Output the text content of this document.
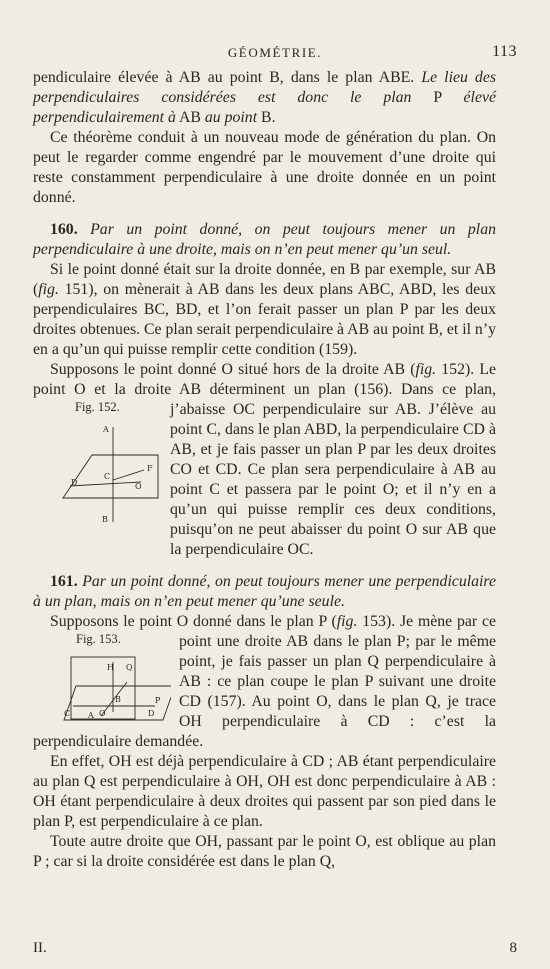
GÉOMÉTRIE.	113

pendiculaire élevée à AB au point B, dans le plan ABE. Le lieu des perpendiculaires considérées est donc le plan P élevé perpendiculairement à AB au point B.

Ce théorème conduit à un nouveau mode de génération du plan. On peut le regarder comme engendré par le mouvement d’une droite qui reste constamment perpendiculaire à une droite donnée en un point donné.

160. Par un point donné, on peut toujours mener un plan perpendiculaire à une droite, mais on n’en peut mener qu’un seul.

Si le point donné était sur la droite donnée, en B par exemple, sur AB (fig. 151), on mènerait à AB dans les deux plans ABC, ABD, les deux perpendiculaires BC, BD, et l’on ferait passer un plan P par les deux droites obtenues. Ce plan serait perpendiculaire à AB au point B, et il n’y en a qu’un qui puisse remplir cette condition (159).

Fig. 152.
A
B
C
D
F
O
Supposons le point donné O situé hors de la droite AB (fig. 152). Le point O et la droite AB déterminent un plan (156). Dans ce plan, j’abaisse OC perpendiculaire sur AB. J’élève au point C, dans le plan ABD, la perpendiculaire CD à AB, et je fais passer un plan P par les deux droites CO et CD. Ce plan sera perpendiculaire à AB au point C et passera par le point O; et il n’y en a qu’un qui puisse remplir ces deux conditions, puisqu’on ne peut abaisser du point O sur AB que la perpendiculaire OC.

161. Par un point donné, on peut toujours mener une perpendiculaire à un plan, mais on n’en peut mener qu’une seule.

Fig. 153.
H Q
B	P
C A O	D
Supposons le point O donné dans le plan P (fig. 153). Je mène par ce point une droite AB dans le plan P; par le même point, je fais passer un plan Q perpendiculaire à AB : ce plan coupe le plan P suivant une droite CD (157). Au point O, dans le plan Q, je trace OH perpendiculaire à CD : c’est la perpendiculaire demandée.

En effet, OH est déjà perpendiculaire à CD ; AB étant perpendiculaire au plan Q est perpendiculaire à OH, OH est donc perpendiculaire à AB : OH étant perpendiculaire à deux droites qui passent par son pied dans le plan P, est perpendiculaire à ce plan.

Toute autre droite que OH, passant par le point O, est oblique au plan P ; car si la droite considérée est dans le plan Q,

II.	8
